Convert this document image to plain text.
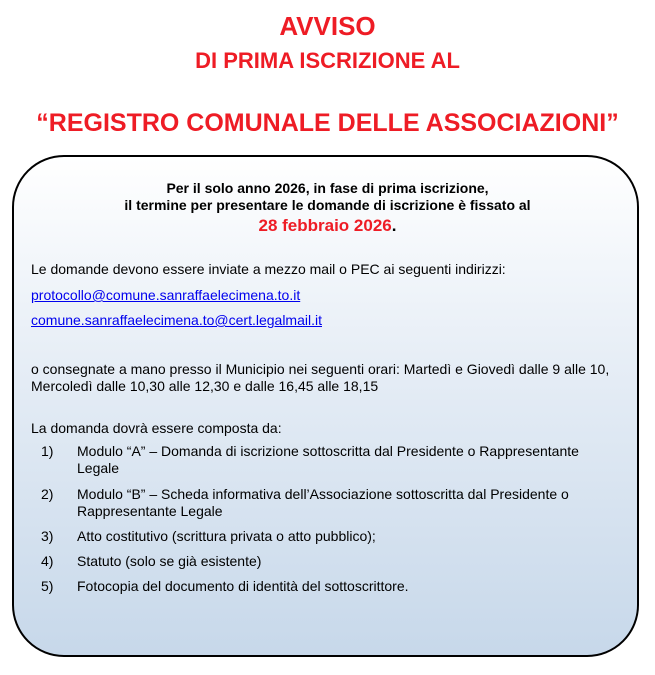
AVVISO
DI PRIMA ISCRIZIONE AL
“REGISTRO COMUNALE DELLE ASSOCIAZIONI”

Per il solo anno 2026, in fase di prima iscrizione,

il termine per presentare le domande di iscrizione è fissato al

28 febbraio 2026.

Le domande devono essere inviate a mezzo mail o PEC ai seguenti indirizzi:

protocollo@comune.sanraffaelecimena.to.it
comune.sanraffaelecimena.to@cert.legalmail.it

o consegnate a mano presso il Municipio nei seguenti orari: Martedì e Giovedì dalle 9 alle 10, Mercoledì dalle 10,30 alle 12,30 e dalle 16,45 alle 18,15

La domanda dovrà essere composta da:

1) Modulo “A” – Domanda di iscrizione sottoscritta dal Presidente o Rappresentante Legale
2) Modulo “B” – Scheda informativa dell’Associazione sottoscritta dal Presidente o Rappresentante Legale
3) Atto costitutivo (scrittura privata o atto pubblico);
4) Statuto (solo se già esistente)
5) Fotocopia del documento di identità del sottoscrittore.
